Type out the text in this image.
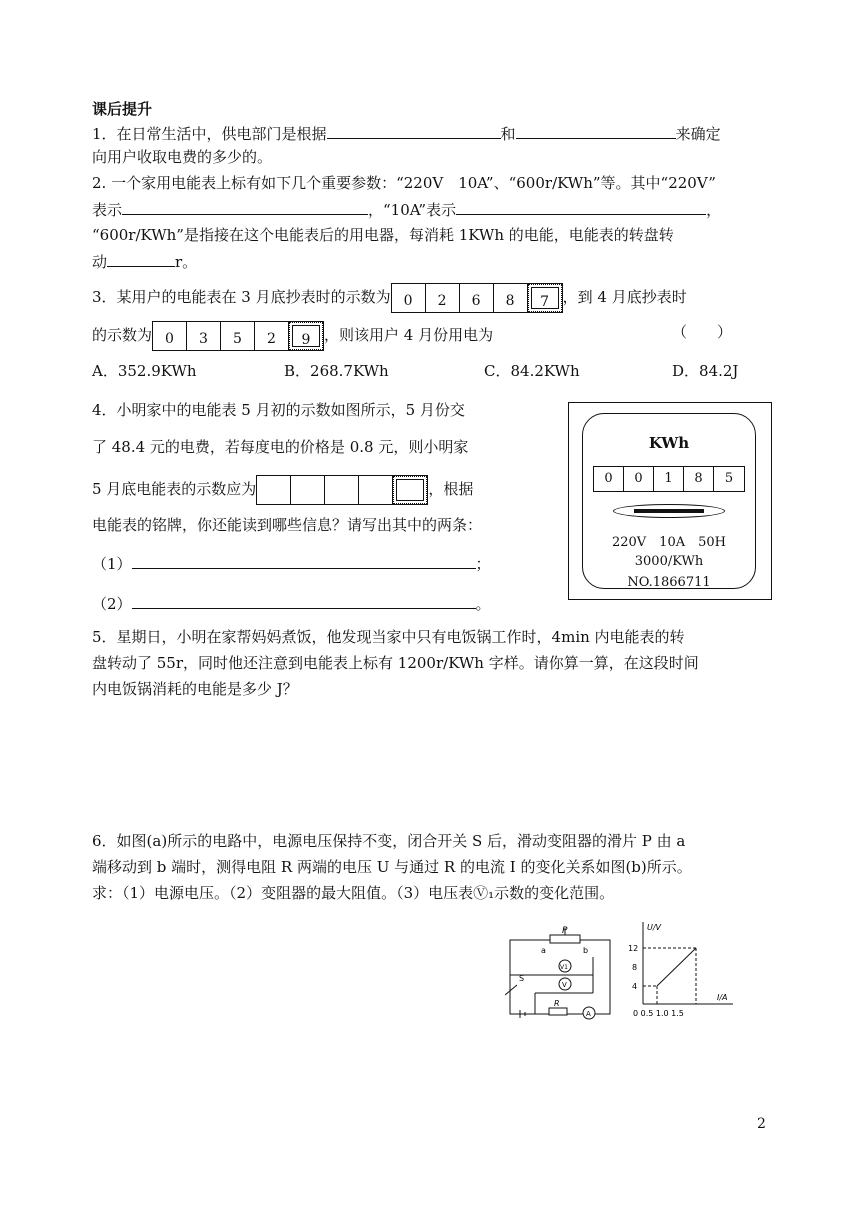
课后提升
1．在日常生活中，供电部门是根据	和	来确定
向用户收取电费的多少的。
2. 一个家用电能表上标有如下几个重要参数：“220V　10A”、“600r/KWh”等。其中“220V”
表示	，“10A”表示	，
“600r/KWh”是指接在这个电能表后的用电器，每消耗 1KWh 的电能，电能表的转盘转
动	r。
3．某用户的电能表在 3 月底抄表时的示数为 0	2	6	8	7 ，到 4 月底抄表时
的示数为 0	3	5	2	9 ，则该用户 4 月份用电为	（　　）
A．352.9KWh	B．268.7KWh	C．84.2KWh	D．84.2J
4．小明家中的电能表 5 月初的示数如图所示，5 月份交
了 48.4 元的电费，若每度电的价格是 0.8 元，则小明家
5 月底电能表的示数应为	，根据
电能表的铭牌，你还能读到哪些信息？请写出其中的两条：
（1）	；
（2）	。
KWh
0	0	1	8	5
220V　10A　50H
3000/KWh
NO.1866711
5．星期日，小明在家帮妈妈煮饭，他发现当家中只有电饭锅工作时，4min 内电能表的转
盘转动了 55r，同时他还注意到电能表上标有 1200r/KWh 字样。请你算一算，在这段时间
内电饭锅消耗的电能是多少 J？
6．如图(a)所示的电路中，电源电压保持不变，闭合开关 S 后，滑动变阻器的滑片 P 由 a
端移动到 b 端时，测得电阻 R 两端的电压 U 与通过 R 的电流 I 的变化关系如图(b)所示。
求：（1）电源电压。（2）变阻器的最大阻值。（3）电压表Ⓥ₁示数的变化范围。
P
a	b
S
R
V1
V
A
U/V
I/A
12
8
4
0 0.5 1.0 1.5
2
